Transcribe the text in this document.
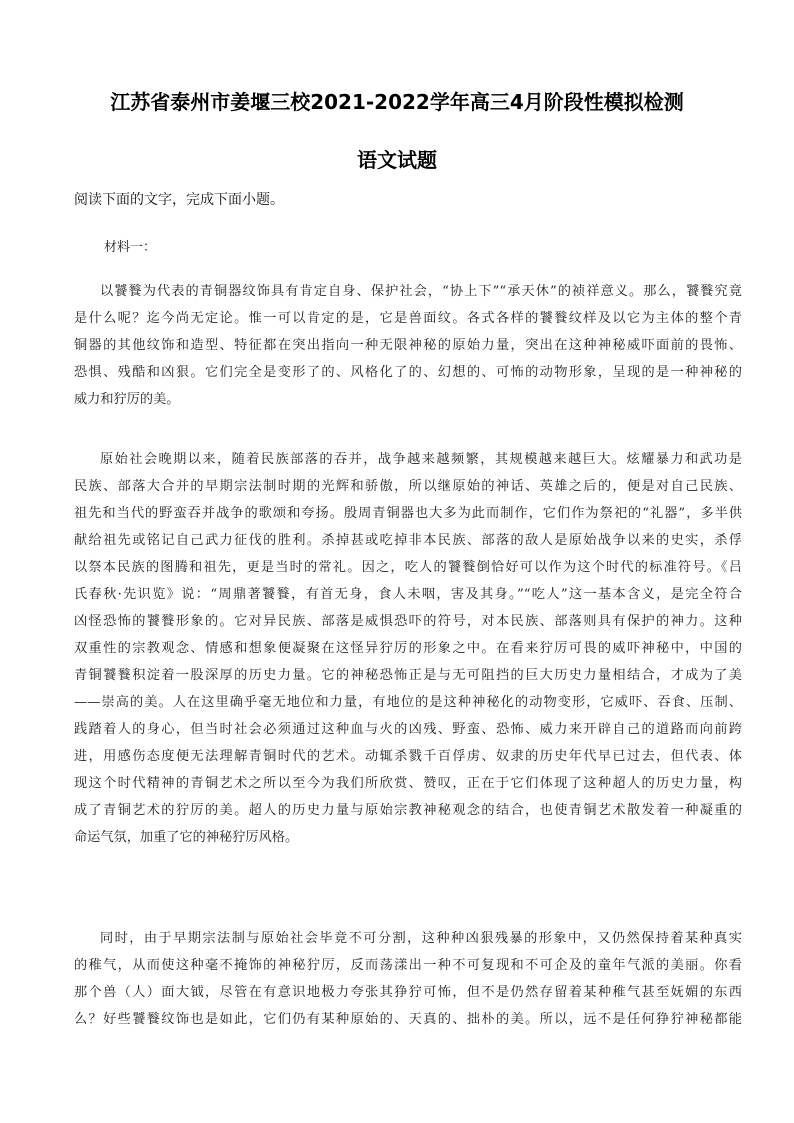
江苏省泰州市姜堰三校2021-2022学年高三4月阶段性模拟检测
语文试题
阅读下面的文字，完成下面小题。
材料一：
以饕餮为代表的青铜器纹饰具有肯定自身、保护社会，“协上下”“承天休”的祯祥意义。那么，饕餮究竟
是什么呢？迄今尚无定论。惟一可以肯定的是，它是兽面纹。各式各样的饕餮纹样及以它为主体的整个青
铜器的其他纹饰和造型、特征都在突出指向一种无限神秘的原始力量，突出在这种神秘威吓面前的畏怖、
恐惧、残酷和凶狠。它们完全是变形了的、风格化了的、幻想的、可怖的动物形象，呈现的是一种神秘的
威力和狞厉的美。
原始社会晚期以来，随着民族部落的吞并，战争越来越频繁，其规模越来越巨大。炫耀暴力和武功是
民族、部落大合并的早期宗法制时期的光辉和骄傲，所以继原始的神话、英雄之后的，便是对自己民族、
祖先和当代的野蛮吞并战争的歌颂和夸扬。殷周青铜器也大多为此而制作，它们作为祭祀的“礼器”，多半供
献给祖先或铭记自己武力征伐的胜利。杀掉甚或吃掉非本民族、部落的敌人是原始战争以来的史实，杀俘
以祭本民族的图腾和祖先，更是当时的常礼。因之，吃人的饕餮倒恰好可以作为这个时代的标准符号。《吕
氏春秋·先识览》说：“周鼎著饕餮，有首无身，食人未咽，害及其身。”“吃人”这一基本含义，是完全符合
凶怪恐怖的饕餮形象的。它对异民族、部落是威惧恐吓的符号，对本民族、部落则具有保护的神力。这种
双重性的宗教观念、情感和想象便凝聚在这怪异狞厉的形象之中。在看来狞厉可畏的威吓神秘中，中国的
青铜饕餮积淀着一股深厚的历史力量。它的神秘恐怖正是与无可阻挡的巨大历史力量相结合，才成为了美
——崇高的美。人在这里确乎毫无地位和力量，有地位的是这种神秘化的动物变形，它威吓、吞食、压制、
践踏着人的身心，但当时社会必须通过这种血与火的凶残、野蛮、恐怖、威力来开辟自己的道路而向前跨
进，用感伤态度便无法理解青铜时代的艺术。动辄杀戮千百俘虏、奴隶的历史年代早已过去，但代表、体
现这个时代精神的青铜艺术之所以至今为我们所欣赏、赞叹，正在于它们体现了这种超人的历史力量，构
成了青铜艺术的狞厉的美。超人的历史力量与原始宗教神秘观念的结合，也使青铜艺术散发着一种凝重的
命运气氛，加重了它的神秘狞厉风格。
同时，由于早期宗法制与原始社会毕竟不可分割，这种种凶狠残暴的形象中，又仍然保持着某种真实
的稚气，从而使这种毫不掩饰的神秘狞厉，反而荡漾出一种不可复现和不可企及的童年气派的美丽。你看
那个兽（人）面大钺，尽管在有意识地极力夸张其狰狞可怖，但不是仍然存留着某种稚气甚至妩媚的东西
么？好些饕餮纹饰也是如此，它们仍有某种原始的、天真的、拙朴的美。所以，远不是任何狰狞神秘都能
